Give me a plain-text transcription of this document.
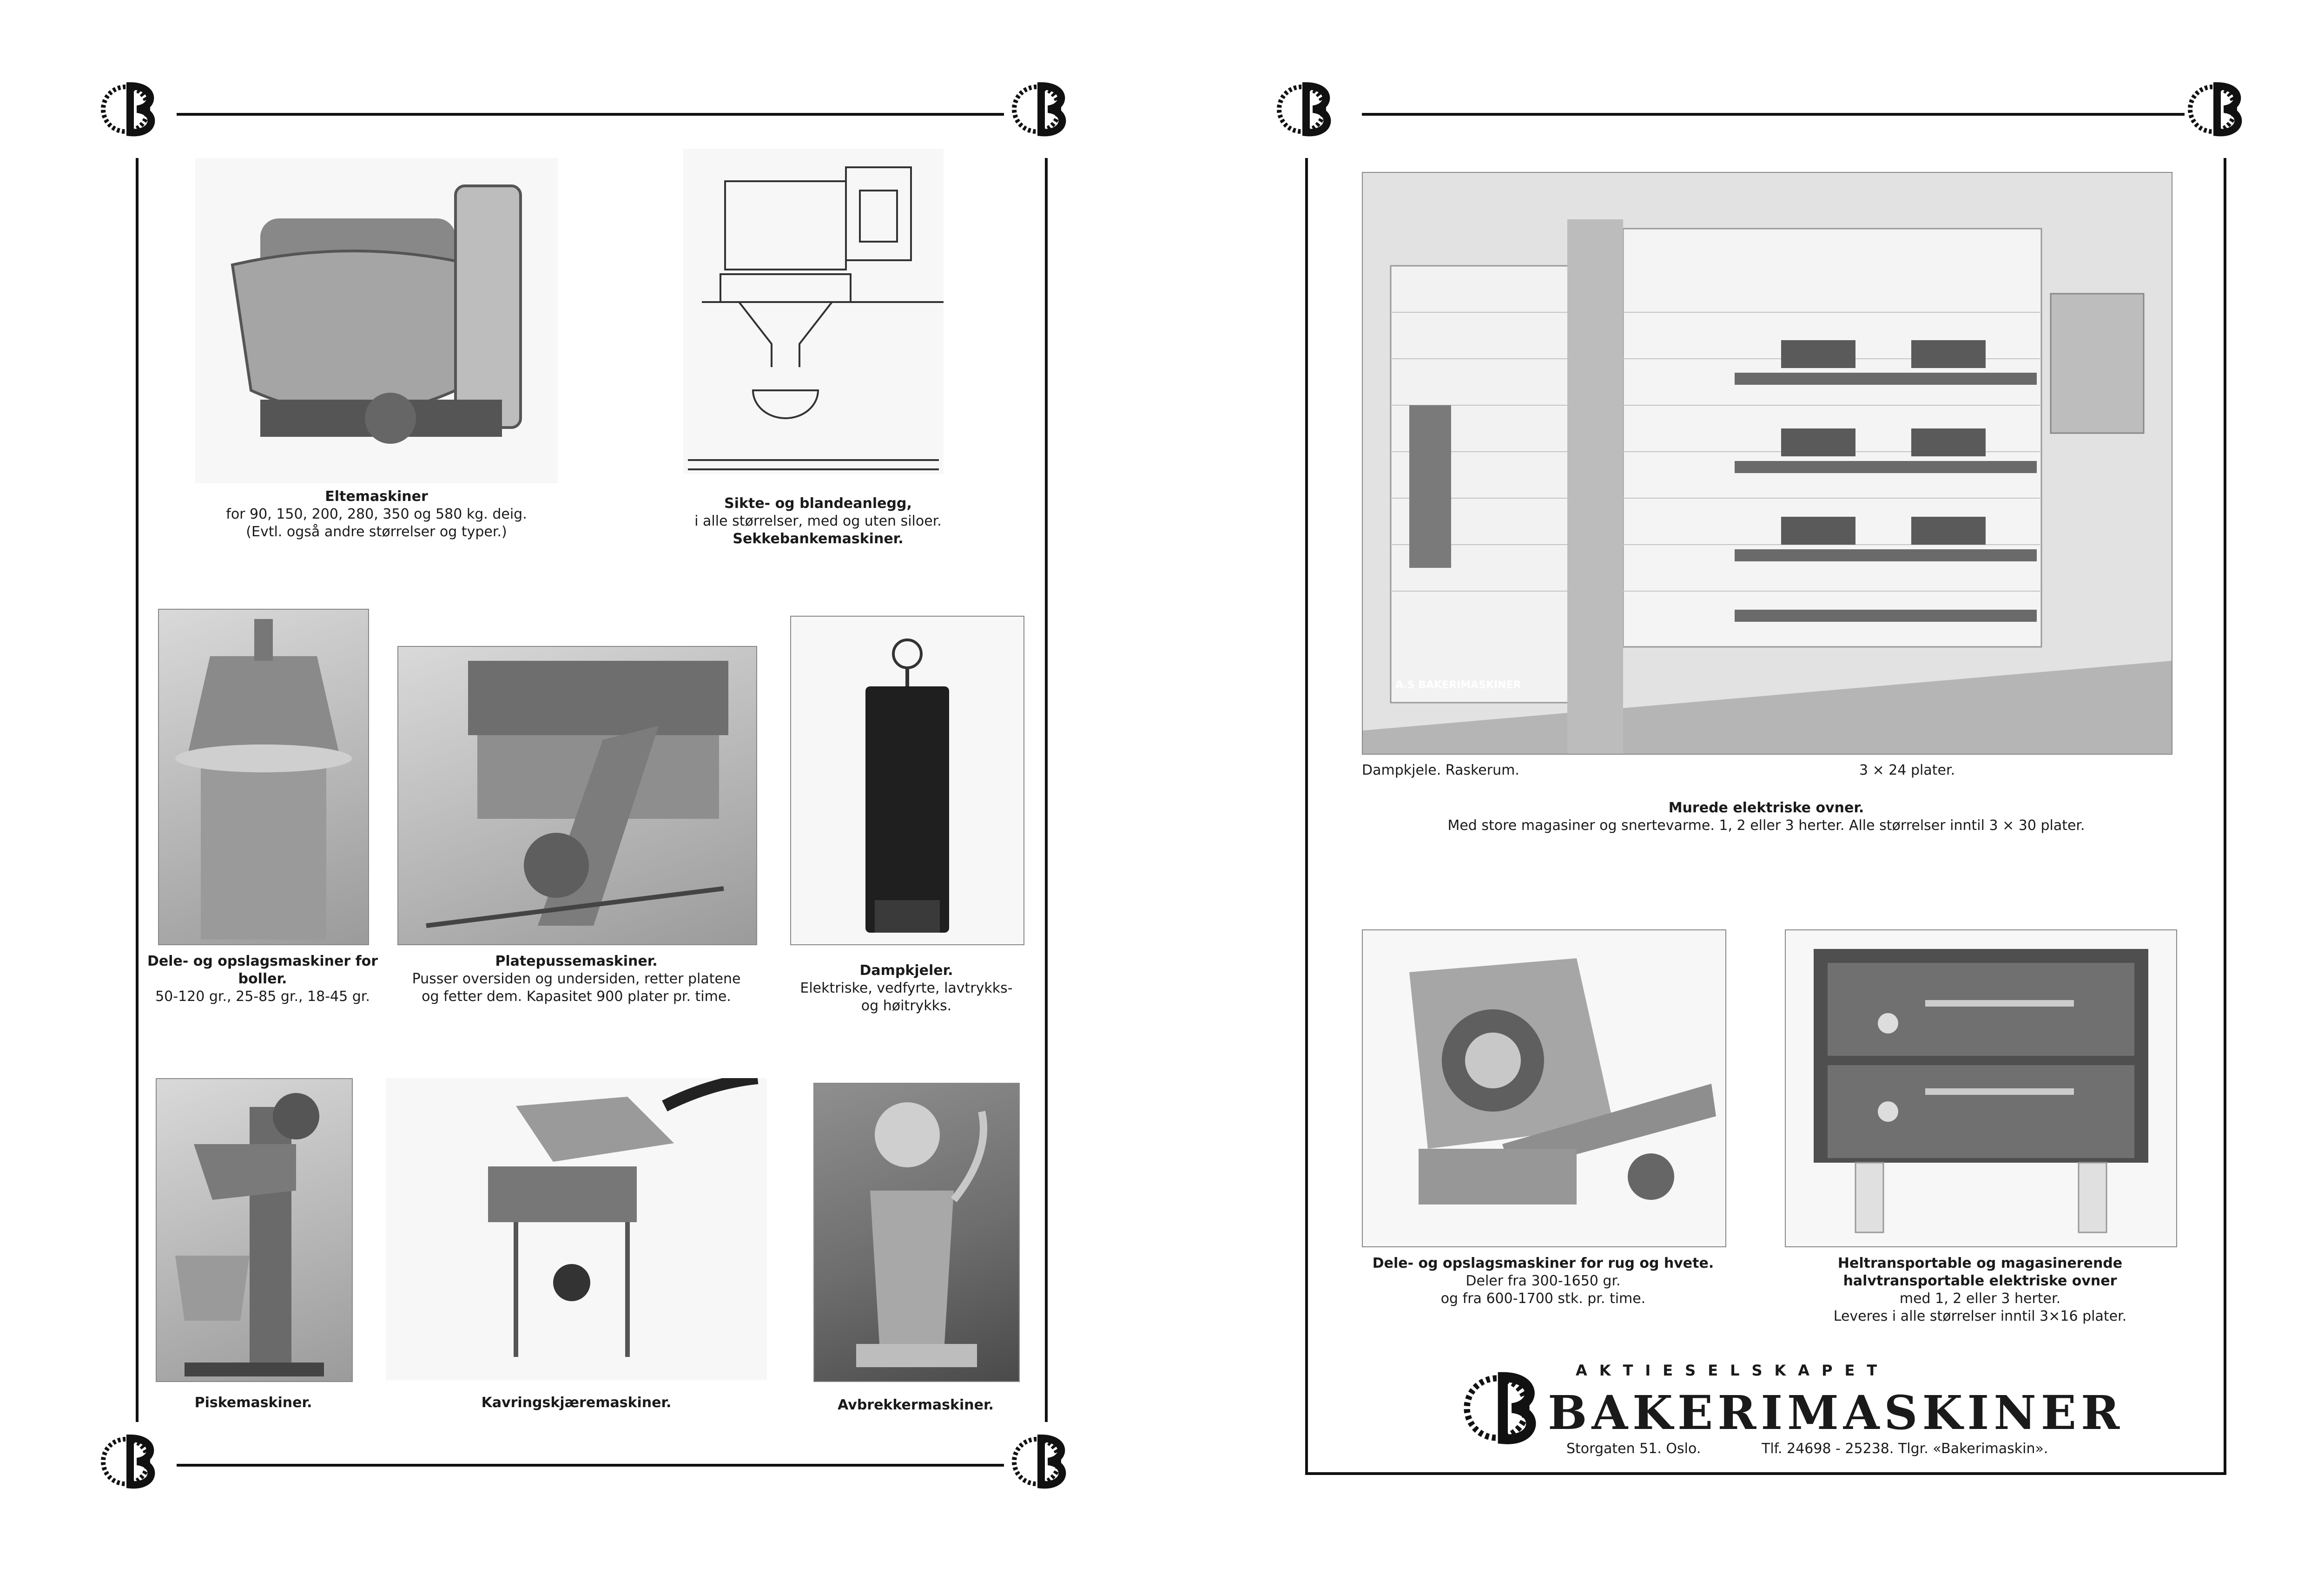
Eltemaskiner
for 90, 150, 200, 280, 350 og 580 kg. deig.
(Evtl. også andre størrelser og typer.)
Sikte- og blandeanlegg,
i alle størrelser, med og uten siloer.
Sekkebankemaskiner.
Dele- og opslagsmaskiner for boller.
50-120 gr., 25-85 gr., 18-45 gr.
Platepussemaskiner.
Pusser oversiden og undersiden, retter platene
og fetter dem. Kapasitet 900 plater pr. time.
Dampkjeler.
Elektriske, vedfyrte, lavtrykks-
og høitrykks.
Piskemaskiner.	Kavringskjæremaskiner.	Avbrekkermaskiner.
A.S BAKERIMASKINER
Dampkjele. Raskerum.	3 × 24 plater.
Murede elektriske ovner.
Med store magasiner og snertevarme. 1, 2 eller 3 herter. Alle størrelser inntil 3 × 30 plater.
Dele- og opslagsmaskiner for rug og hvete.
Deler fra 300-1650 gr.
og fra 600-1700 stk. pr. time.
Heltransportable og magasinerende halvtransportable elektriske ovner
med 1, 2 eller 3 herter.
Leveres i alle størrelser inntil 3×16 plater.
AKTIESELSKAPET
BAKERIMASKINER
Storgaten 51. Oslo.	Tlf. 24698 - 25238. Tlgr. «Bakerimaskin».
